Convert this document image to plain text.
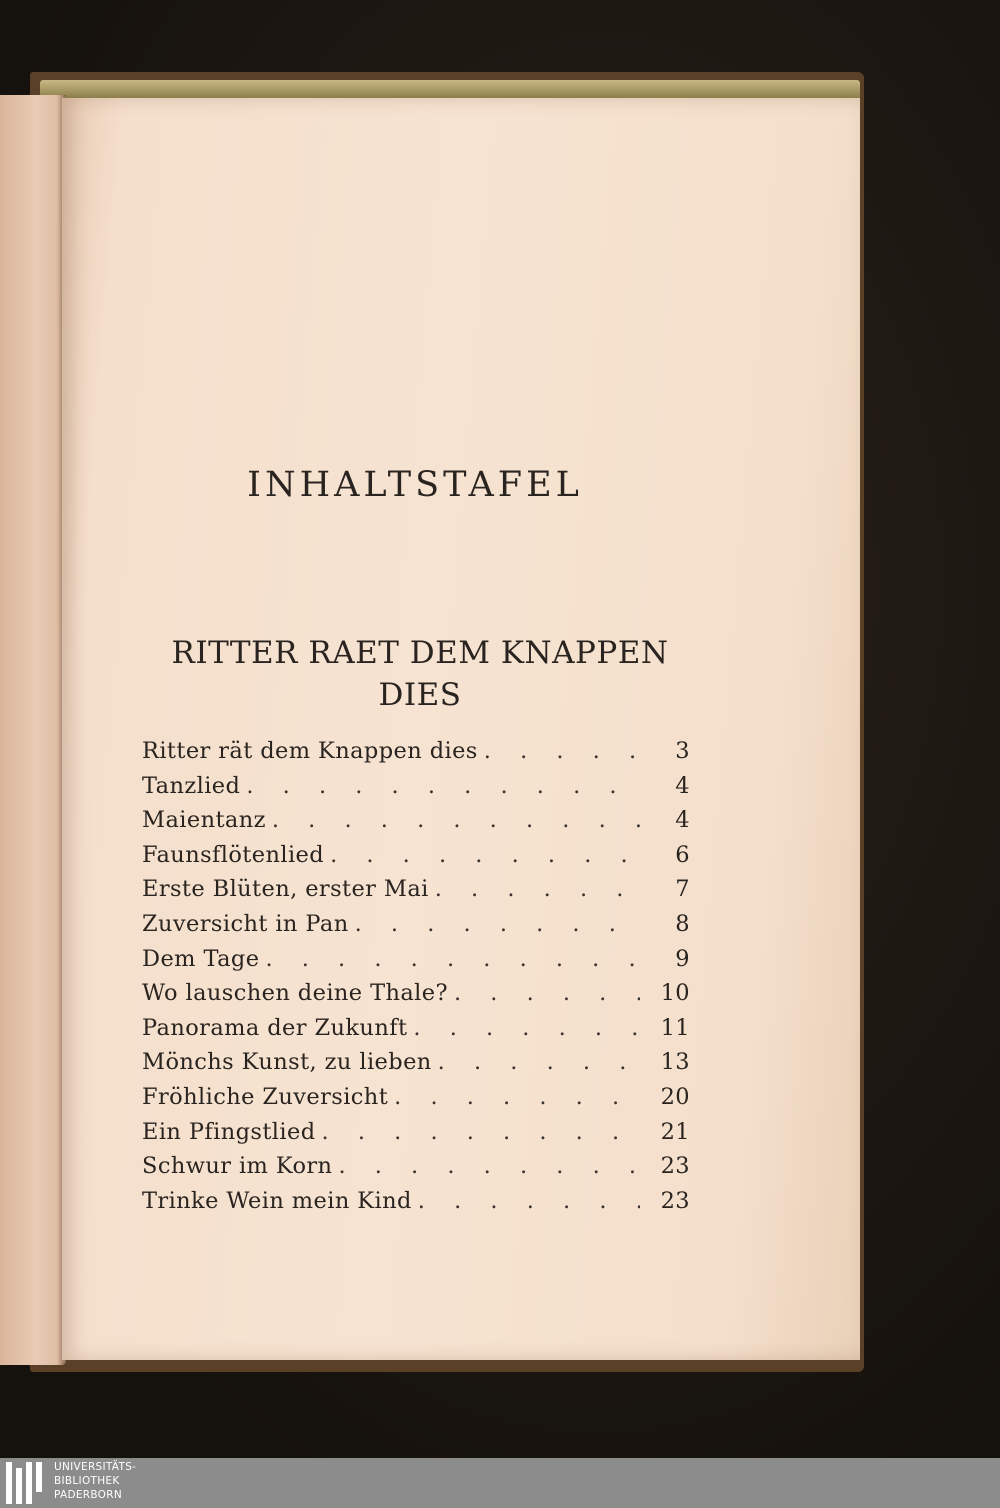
INHALTSTAFEL
RITTER RAET DEM KNAPPEN DIES
Ritter rät dem Knappen dies . . .	3
Tanzlied . . .	4
Maientanz . . .	4
Faunsflötenlied . . .	6
Erste Blüten, erster Mai . . .	7
Zuversicht in Pan . . .	8
Dem Tage . . .	9
Wo lauschen deine Thale? . . .	10
Panorama der Zukunft . . .	11
Mönchs Kunst, zu lieben . . .	13
Fröhliche Zuversicht . . .	20
Ein Pfingstlied . . .	21
Schwur im Korn . . .	23
Trinke Wein mein Kind . . .	23
UNIVERSITÄTS-
BIBLIOTHEK
PADERBORN
